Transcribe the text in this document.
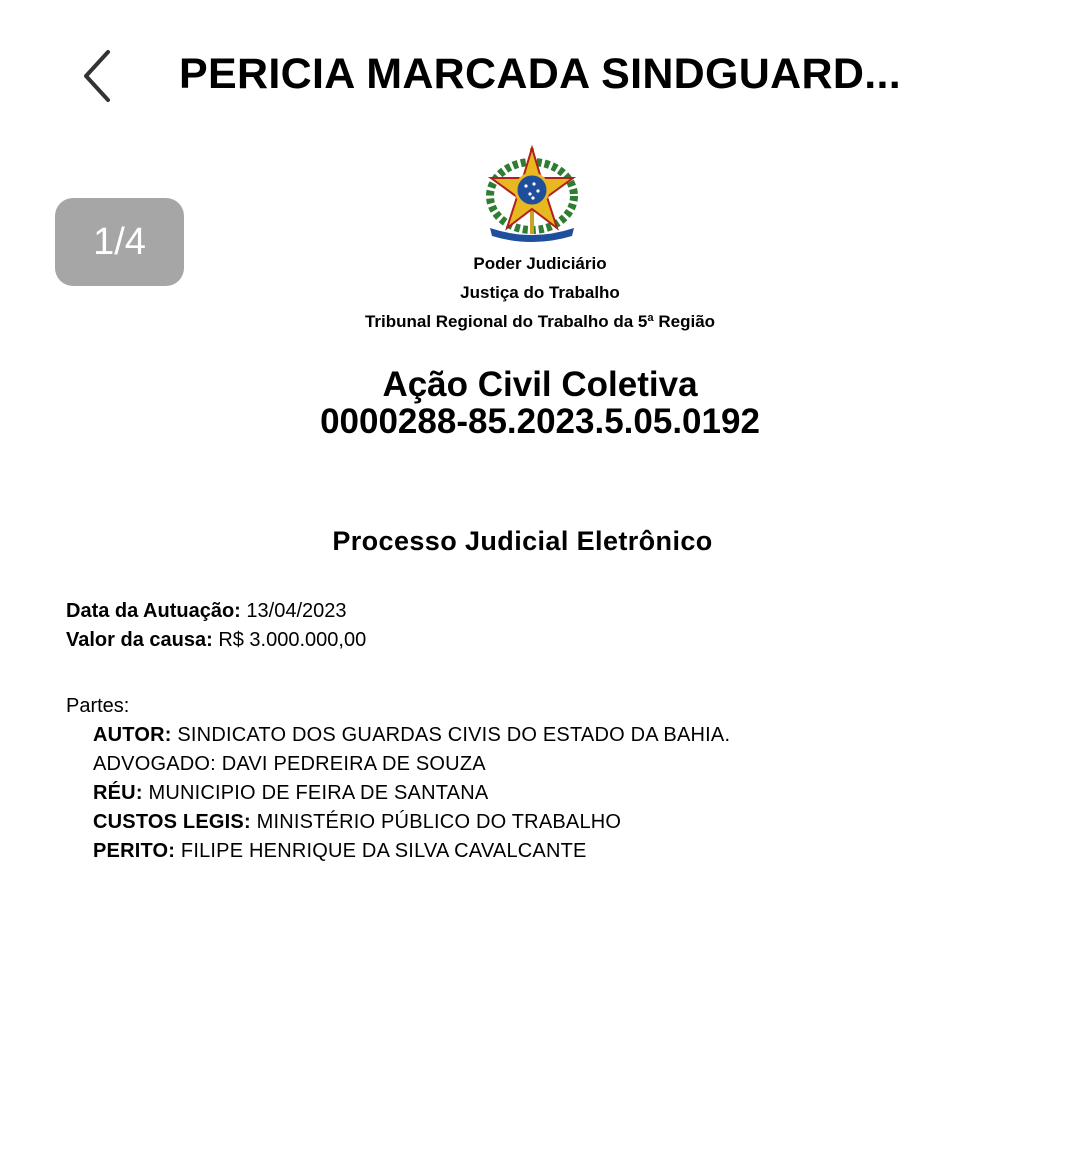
PERICIA MARCADA SINDGUARD...
1/4
Poder Judiciário
Justiça do Trabalho
Tribunal Regional do Trabalho da 5ª Região
Ação Civil Coletiva
0000288-85.2023.5.05.0192
Processo Judicial Eletrônico
Data da Autuação: 13/04/2023
Valor da causa: R$ 3.000.000,00
Partes:
AUTOR: SINDICATO DOS GUARDAS CIVIS DO ESTADO DA BAHIA.
ADVOGADO: DAVI PEDREIRA DE SOUZA
RÉU: MUNICIPIO DE FEIRA DE SANTANA
CUSTOS LEGIS: MINISTÉRIO PÚBLICO DO TRABALHO
PERITO: FILIPE HENRIQUE DA SILVA CAVALCANTE
